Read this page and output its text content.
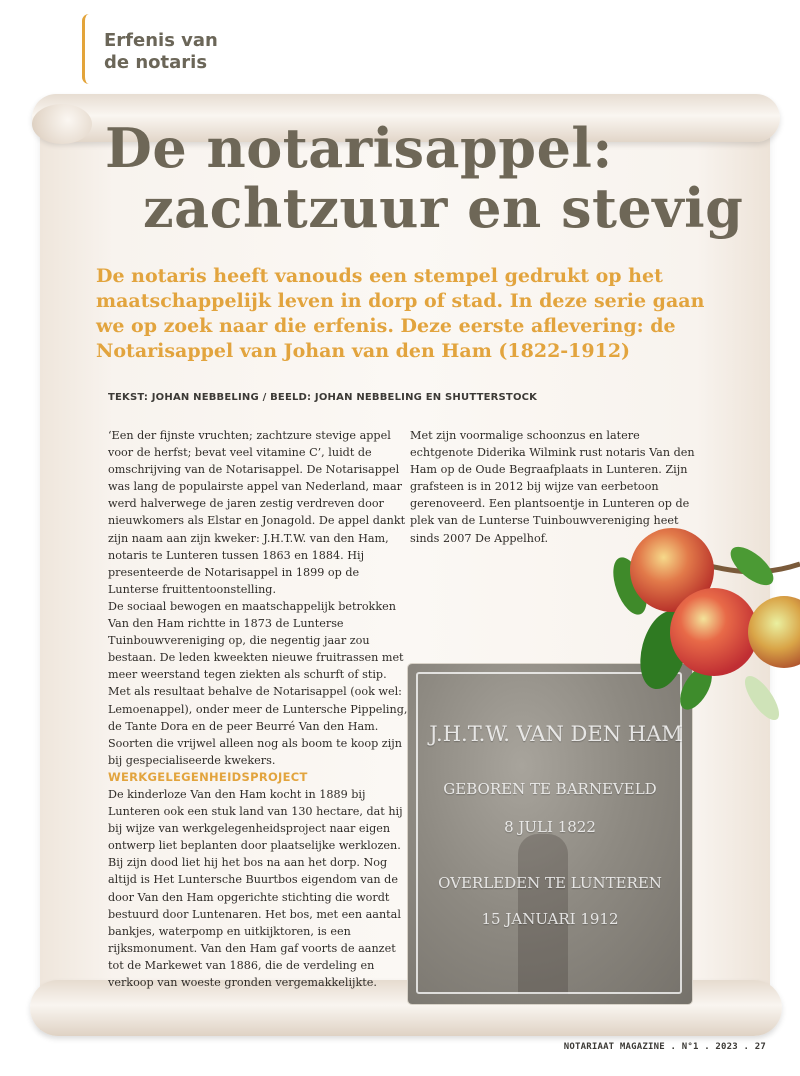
Erfenis van
de notaris
De notarisappel:
zachtzuur en stevig

De notaris heeft vanouds een stempel gedrukt op het maatschappelijk leven in dorp of stad. In deze serie gaan we op zoek naar die erfenis. Deze eerste aflevering: de Notarisappel van Johan van den Ham (1822-1912)

TEKST: JOHAN NEBBELING / BEELD: JOHAN NEBBELING EN SHUTTERSTOCK

‘Een der fijnste vruchten; zachtzure stevige appel voor de herfst; bevat veel vitamine C’, luidt de omschrijving van de Notarisappel. De Notarisappel was lang de populairste appel van Nederland, maar werd halverwege de jaren zestig verdreven door nieuwkomers als Elstar en Jonagold. De appel dankt zijn naam aan zijn kweker: J.H.T.W. van den Ham, notaris te Lunteren tussen 1863 en 1884. Hij presenteerde de Notarisappel in 1899 op de Lunterse fruittentoonstelling.

De sociaal bewogen en maatschappelijk betrokken Van den Ham richtte in 1873 de Lunterse Tuinbouwvereniging op, die negentig jaar zou bestaan. De leden kweekten nieuwe fruitrassen met meer weerstand tegen ziekten als schurft of stip. Met als resultaat behalve de Notarisappel (ook wel: Lemoenappel), onder meer de Luntersche Pippeling, de Tante Dora en de peer Beurré Van den Ham. Soorten die vrijwel alleen nog als boom te koop zijn bij gespecialiseerde kwekers.

WERKGELEGENHEIDSPROJECT

De kinderloze Van den Ham kocht in 1889 bij Lunteren ook een stuk land van 130 hectare, dat hij bij wijze van werkgelegenheidsproject naar eigen ontwerp liet beplanten door plaatselijke werklozen. Bij zijn dood liet hij het bos na aan het dorp. Nog altijd is Het Luntersche Buurtbos eigendom van de door Van den Ham opgerichte stichting die wordt bestuurd door Luntenaren. Het bos, met een aantal bankjes, waterpomp en uitkijktoren, is een rijksmonument. Van den Ham gaf voorts de aanzet tot de Markewet van 1886, die de verdeling en verkoop van woeste gronden vergemakkelijkte.

Met zijn voormalige schoonzus en latere echtgenote Diderika Wilmink rust notaris Van den Ham op de Oude Begraafplaats in Lunteren. Zijn grafsteen is in 2012 bij wijze van eerbetoon gerenoveerd. Een plantsoentje in Lunteren op de plek van de Lunterse Tuinbouwvereniging heet sinds 2007 De Appelhof.

J.H.T.W. VAN DEN HAM
GEBOREN TE BARNEVELD
8 JULI 1822
OVERLEDEN TE LUNTEREN
15 JANUARI 1912
NOTARIAAT MAGAZINE . N°1 . 2023 . 27
